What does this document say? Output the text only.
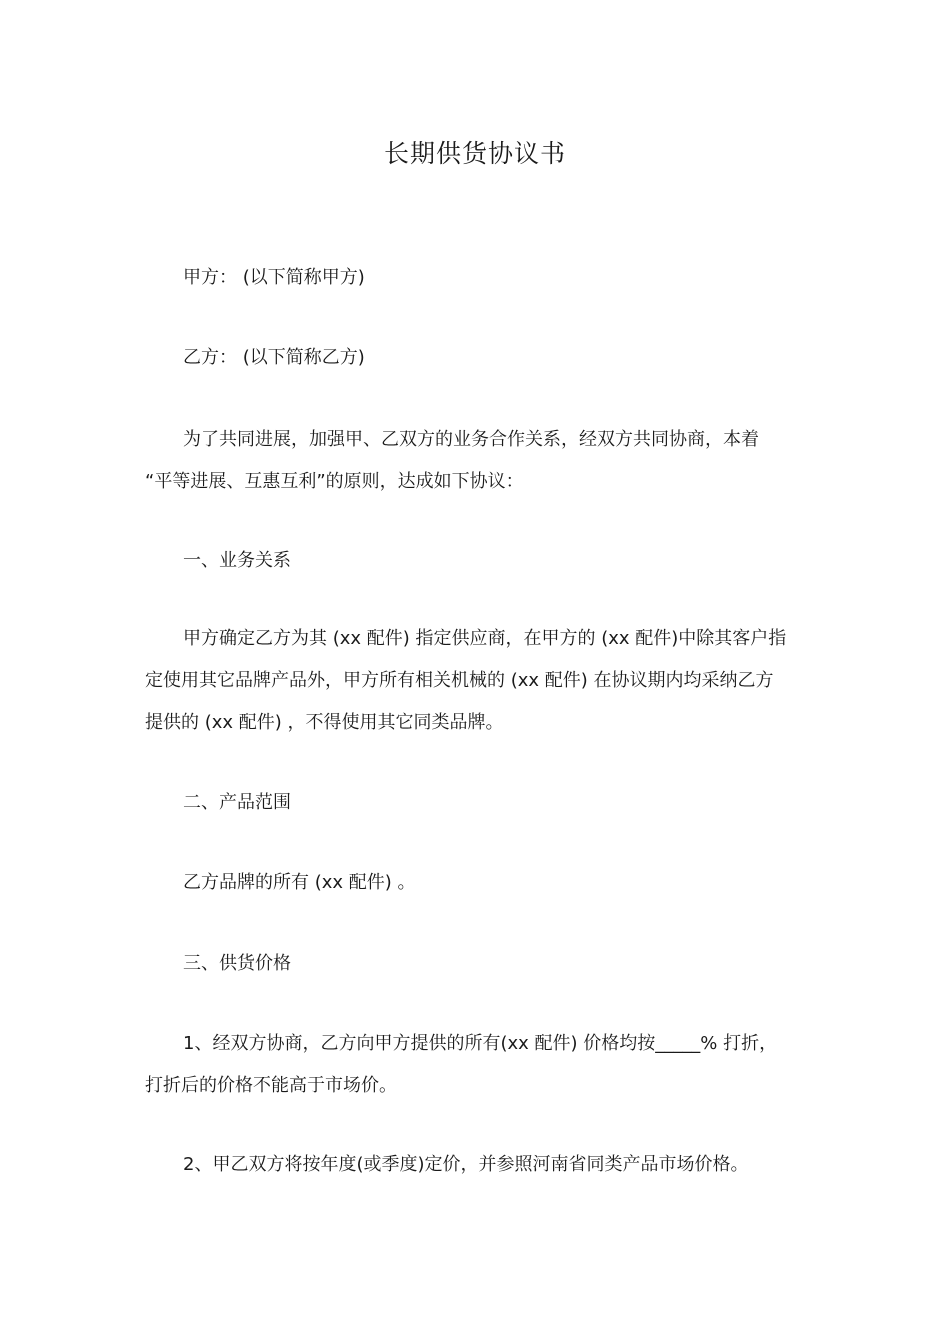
长期供货协议书
甲方： (以下简称甲方)
乙方： (以下简称乙方)
为了共同进展，加强甲、乙双方的业务合作关系，经双方共同协商，本着
“平等进展、互惠互利”的原则，达成如下协议：
一、业务关系
甲方确定乙方为其 (xx 配件) 指定供应商，在甲方的 (xx 配件)中除其客户指
定使用其它品牌产品外，甲方所有相关机械的 (xx 配件) 在协议期内均采纳乙方
提供的 (xx 配件) ，不得使用其它同类品牌。
二、产品范围
乙方品牌的所有 (xx 配件) 。
三、供货价格
1、经双方协商，乙方向甲方提供的所有(xx 配件) 价格均按_____% 打折，
打折后的价格不能高于市场价。
2、甲乙双方将按年度(或季度)定价，并参照河南省同类产品市场价格。
